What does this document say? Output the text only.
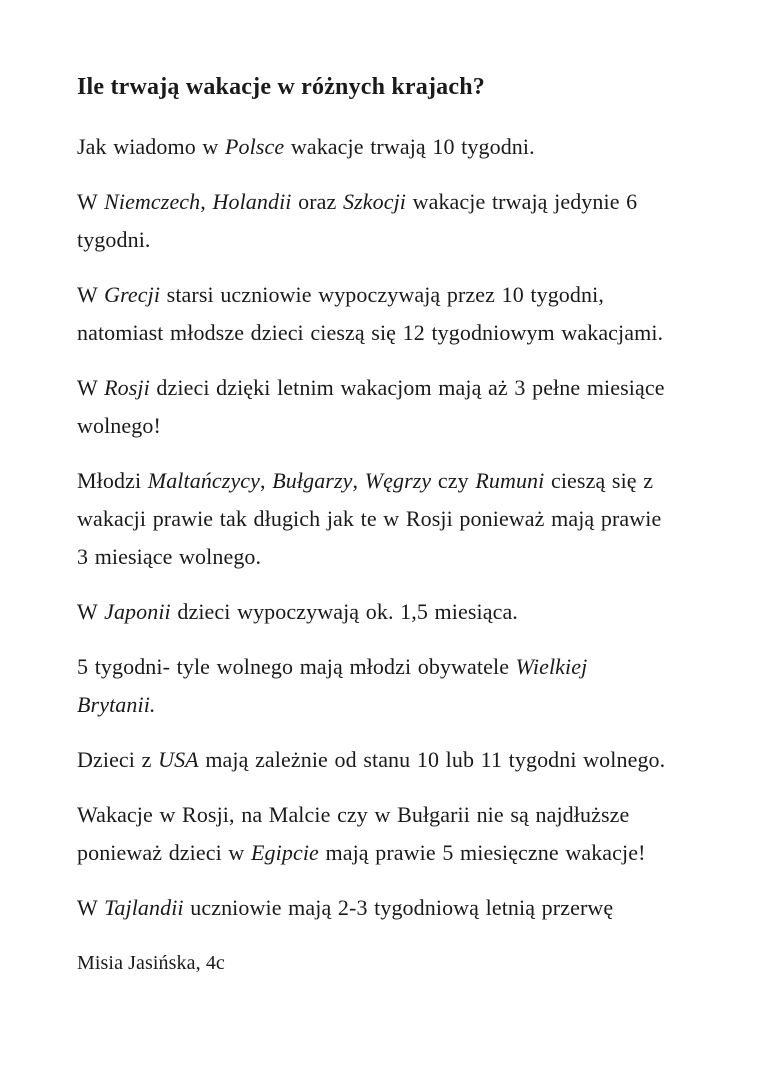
Ile trwają wakacje w różnych krajach?

Jak wiadomo w Polsce wakacje trwają 10 tygodni.

W Niemczech, Holandii oraz Szkocji wakacje trwają jedynie 6
tygodni.

W Grecji starsi uczniowie wypoczywają przez 10 tygodni,
natomiast młodsze dzieci cieszą się 12 tygodniowym wakacjami.

W Rosji dzieci dzięki letnim wakacjom mają aż 3 pełne miesiące
wolnego!

Młodzi Maltańczycy, Bułgarzy, Węgrzy czy Rumuni cieszą się z
wakacji prawie tak długich jak te w Rosji ponieważ mają prawie
3 miesiące wolnego.

W Japonii dzieci wypoczywają ok. 1,5 miesiąca.

5 tygodni- tyle wolnego mają młodzi obywatele Wielkiej
Brytanii.

Dzieci z USA mają zależnie od stanu 10 lub 11 tygodni wolnego.

Wakacje w Rosji, na Malcie czy w Bułgarii nie są najdłuższe
ponieważ dzieci w Egipcie mają prawie 5 miesięczne wakacje!

W Tajlandii uczniowie mają 2-3 tygodniową letnią przerwę

Misia Jasińska, 4c
